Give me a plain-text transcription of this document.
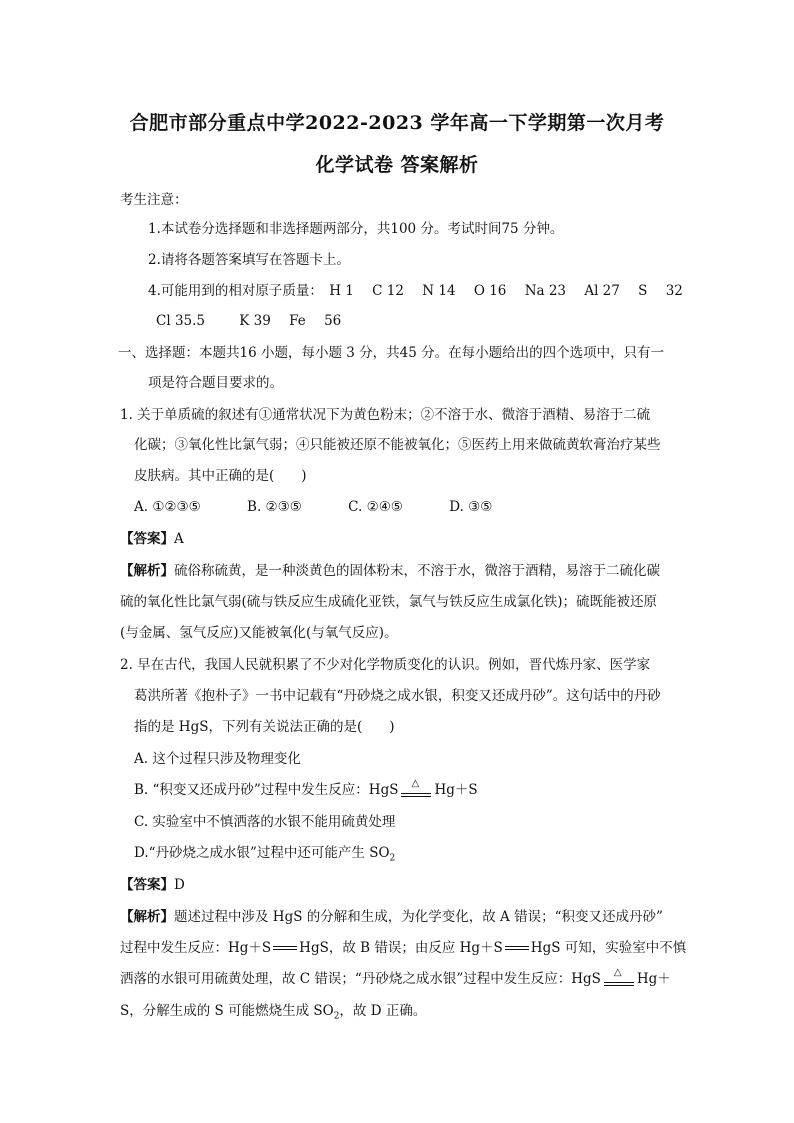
合肥市部分重点中学2022-2023 学年高一下学期第一次月考
化学试卷 答案解析
考生注意：
1.本试卷分选择题和非选择题两部分，共100 分。考试时间75 分钟。
2.请将各题答案填写在答题卡上。
4.可能用到的相对原子质量： H 1 C 12 N 14 O 16 Na 23 Al 27 S 32
Cl 35.5	K 39 Fe 56
一、选择题：本题共16 小题，每小题 3 分，共45 分。在每小题给出的四个选项中，只有一
项是符合题目要求的。
1. 关于单质硫的叙述有①通常状况下为黄色粉末；②不溶于水、微溶于酒精、易溶于二硫
化碳；③氧化性比氯气弱；④只能被还原不能被氧化；⑤医药上用来做硫黄软膏治疗某些
皮肤病。其中正确的是(　　)
A. ①②③⑤	B. ②③⑤	C. ②④⑤	D. ③⑤
【答案】A
【解析】硫俗称硫黄，是一种淡黄色的固体粉末，不溶于水，微溶于酒精，易溶于二硫化碳
硫的氧化性比氯气弱(硫与铁反应生成硫化亚铁，氯气与铁反应生成氯化铁)；硫既能被还原
(与金属、氢气反应)又能被氧化(与氧气反应)。
2. 早在古代，我国人民就积累了不少对化学物质变化的认识。例如，晋代炼丹家、医学家
葛洪所著《抱朴子》一书中记载有“丹砂烧之成水银，积变又还成丹砂”。这句话中的丹砂
指的是 HgS，下列有关说法正确的是(　　)
A. 这个过程只涉及物理变化
B. “积变又还成丹砂”过程中发生反应：HgS △ Hg＋S
C. 实验室中不慎洒落的水银不能用硫黄处理
D.“丹砂烧之成水银”过程中还可能产生 $SO_2$
【答案】D
【解析】题述过程中涉及 HgS 的分解和生成，为化学变化，故 A 错误；“积变又还成丹砂”
过程中发生反应：Hg＋S HgS，故 B 错误；由反应 Hg＋S HgS 可知，实验室中不慎
洒落的水银可用硫黄处理，故 C 错误；“丹砂烧之成水银”过程中发生反应：HgS △ Hg＋
S，分解生成的 S 可能燃烧生成 $SO_2$，故 D 正确。
